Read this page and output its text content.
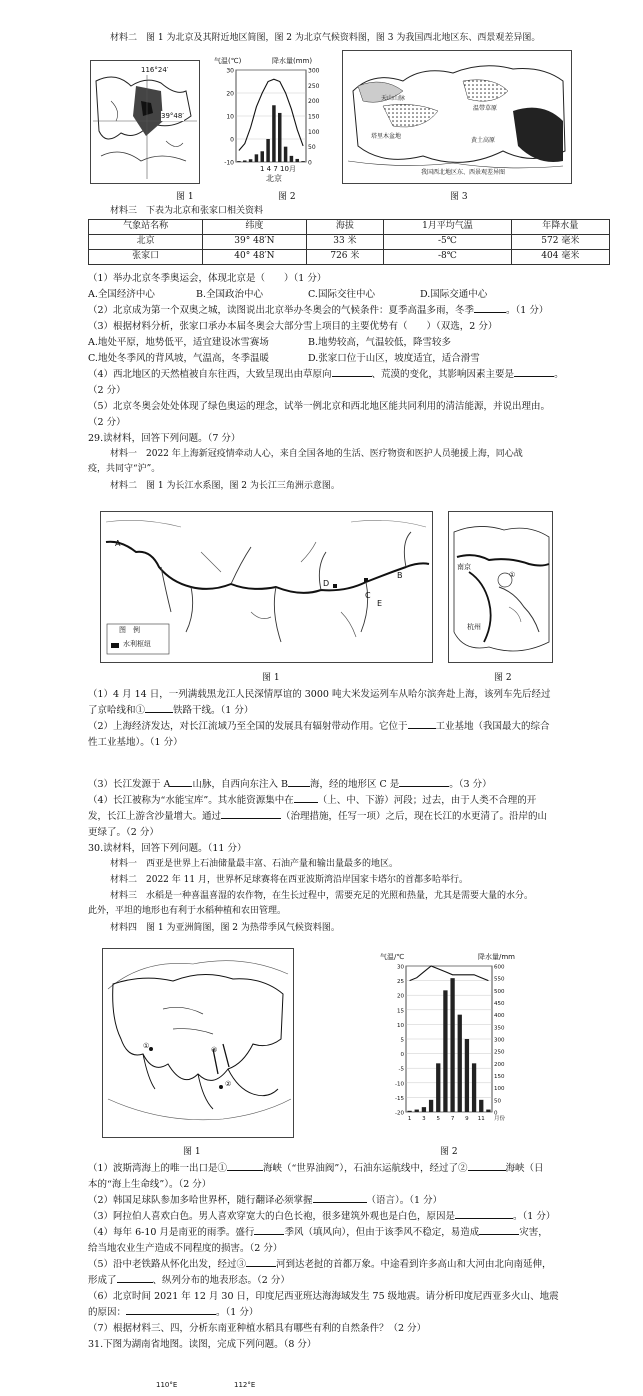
材料二　图 1 为北京及其附近地区简图，图 2 为北京气候资料图，图 3 为我国西北地区东、西景观差异图。
116°24′
39°48′
图 1
气温(℃)	降水量(mm)
30
20
10
0
-10
300
250
200
150
100
50
0
1 4 7 10月
北京
图 2
天山山脉
塔里木盆地
黄土高原
温带草原
我国西北地区东、西景观差异图
图 3
材料三　下表为北京和张家口相关资料
气象站名称	纬度	海拔	1月平均气温	年降水量
北京	39° 48′N	33 米	-5℃	572 毫米
张家口	40° 48′N	726 米	-8℃	404 毫米
（1）举办北京冬季奥运会，体现北京是（　　）（1 分）
A.全国经济中心	B.全国政治中心	C.国际交往中心	D.国际交通中心
（2）北京成为第一个双奥之城，读图说出北京举办冬奥会的气候条件：夏季高温多雨，冬季	。（1 分）
（3）根据材料分析，张家口承办本届冬奥会大部分雪上项目的主要优势有（　　）（双选，2 分）
A.地处平原，地势低平，适宜建设冰雪赛场	B.地势较高，气温较低，降雪较多
C.地处冬季风的背风坡，气温高，冬季温暖	D.张家口位于山区，坡度适宜，适合滑雪
（4）西北地区的天然植被自东往西，大致呈现出由草原向	、荒漠的变化，其影响因素主要是	。
（2 分）
（5）北京冬奥会处处体现了绿色奥运的理念，试举一例北京和西北地区能共同利用的清洁能源，并说出理由。
（2 分）
29.读材料，回答下列问题。（7 分）
材料一　2022 年上海新冠疫情牵动人心，来自全国各地的生活、医疗物资和医护人员驰援上海，同心战
疫，共同守“沪”。
材料二　图 1 为长江水系图，图 2 为长江三角洲示意图。
A
B
C
D
E
图　例
水利枢纽
图 1
南京
杭州
①
图 2
（1）4 月 14 日，一列满载黑龙江人民深情厚谊的 3000 吨大米发运列车从哈尔滨奔赴上海，该列车先后经过
了京哈线和①	铁路干线。（1 分）
（2）上海经济发达，对长江流域乃至全国的发展具有辐射带动作用。它位于	工业基地（我国最大的综合
性工业基地）。（1 分）
（3）长江发源于 A 山脉，自西向东注入 B 海，经的地形区 C 是	。（3 分）
（4）长江被称为“水能宝库”。其水能资源集中在	（上、中、下游）河段；过去，由于人类不合理的开
发，长江上游含沙量增大。通过	（治理措施，任写一项）之后，现在长江的水更清了。沿岸的山
更绿了。（2 分）
30.读材料，回答下列问题。（11 分）
材料一　西亚是世界上石油储量最丰富、石油产量和输出量最多的地区。
材料二　2022 年 11 月，世界杯足球赛将在西亚波斯湾沿岸国家卡塔尔的首都多哈举行。
材料三　水稻是一种喜温喜湿的农作物，在生长过程中，需要充足的光照和热量，尤其是需要大量的水分。
此外，平坦的地形也有利于水稻种植和农田管理。
材料四　图 1 为亚洲简图，图 2 为热带季风气候资料图。
①
②
③
图 1
气温/℃	降水量/mm
30
25
20
15
10
5
0
-5
-10
-15
-20
600
550
500
450
400
350
300
250
200
150
100
50
0
1 3 5 7 9 11 月份
图 2
（1）波斯湾海上的唯一出口是①	海峡（“世界油阀”），石油东运航线中，经过了②	海峡（日
本的“海上生命线”）。（2 分）
（2）韩国足球队参加多哈世界杯，随行翻译必须掌握	（语言）。（1 分）
（3）阿拉伯人喜欢白色。男人喜欢穿宽大的白色长袍，很多建筑外观也是白色，原因是	。（1 分）
（4）每年 6-10 月是南亚的雨季。盛行	季风（填风向），但由于该季风不稳定，易造成	灾害，
给当地农业生产造成不同程度的损害。（2 分）
（5）沿中老铁路从怀化出发，经过③	河到达老挝的首都万象。中途看到许多高山和大河由北向南延伸，
形成了	、纵列分布的地表形态。（2 分）
（6）北京时间 2021 年 12 月 30 日，印度尼西亚班达海海域发生 75 级地震。请分析印度尼西亚多火山、地震
的原因：	。（1 分）
（7）根据材料三、四，分析东南亚种植水稻具有哪些有利的自然条件？（2 分）
31.下图为湖南省地图。读图，完成下列问题。（8 分）
110°E	112°E
